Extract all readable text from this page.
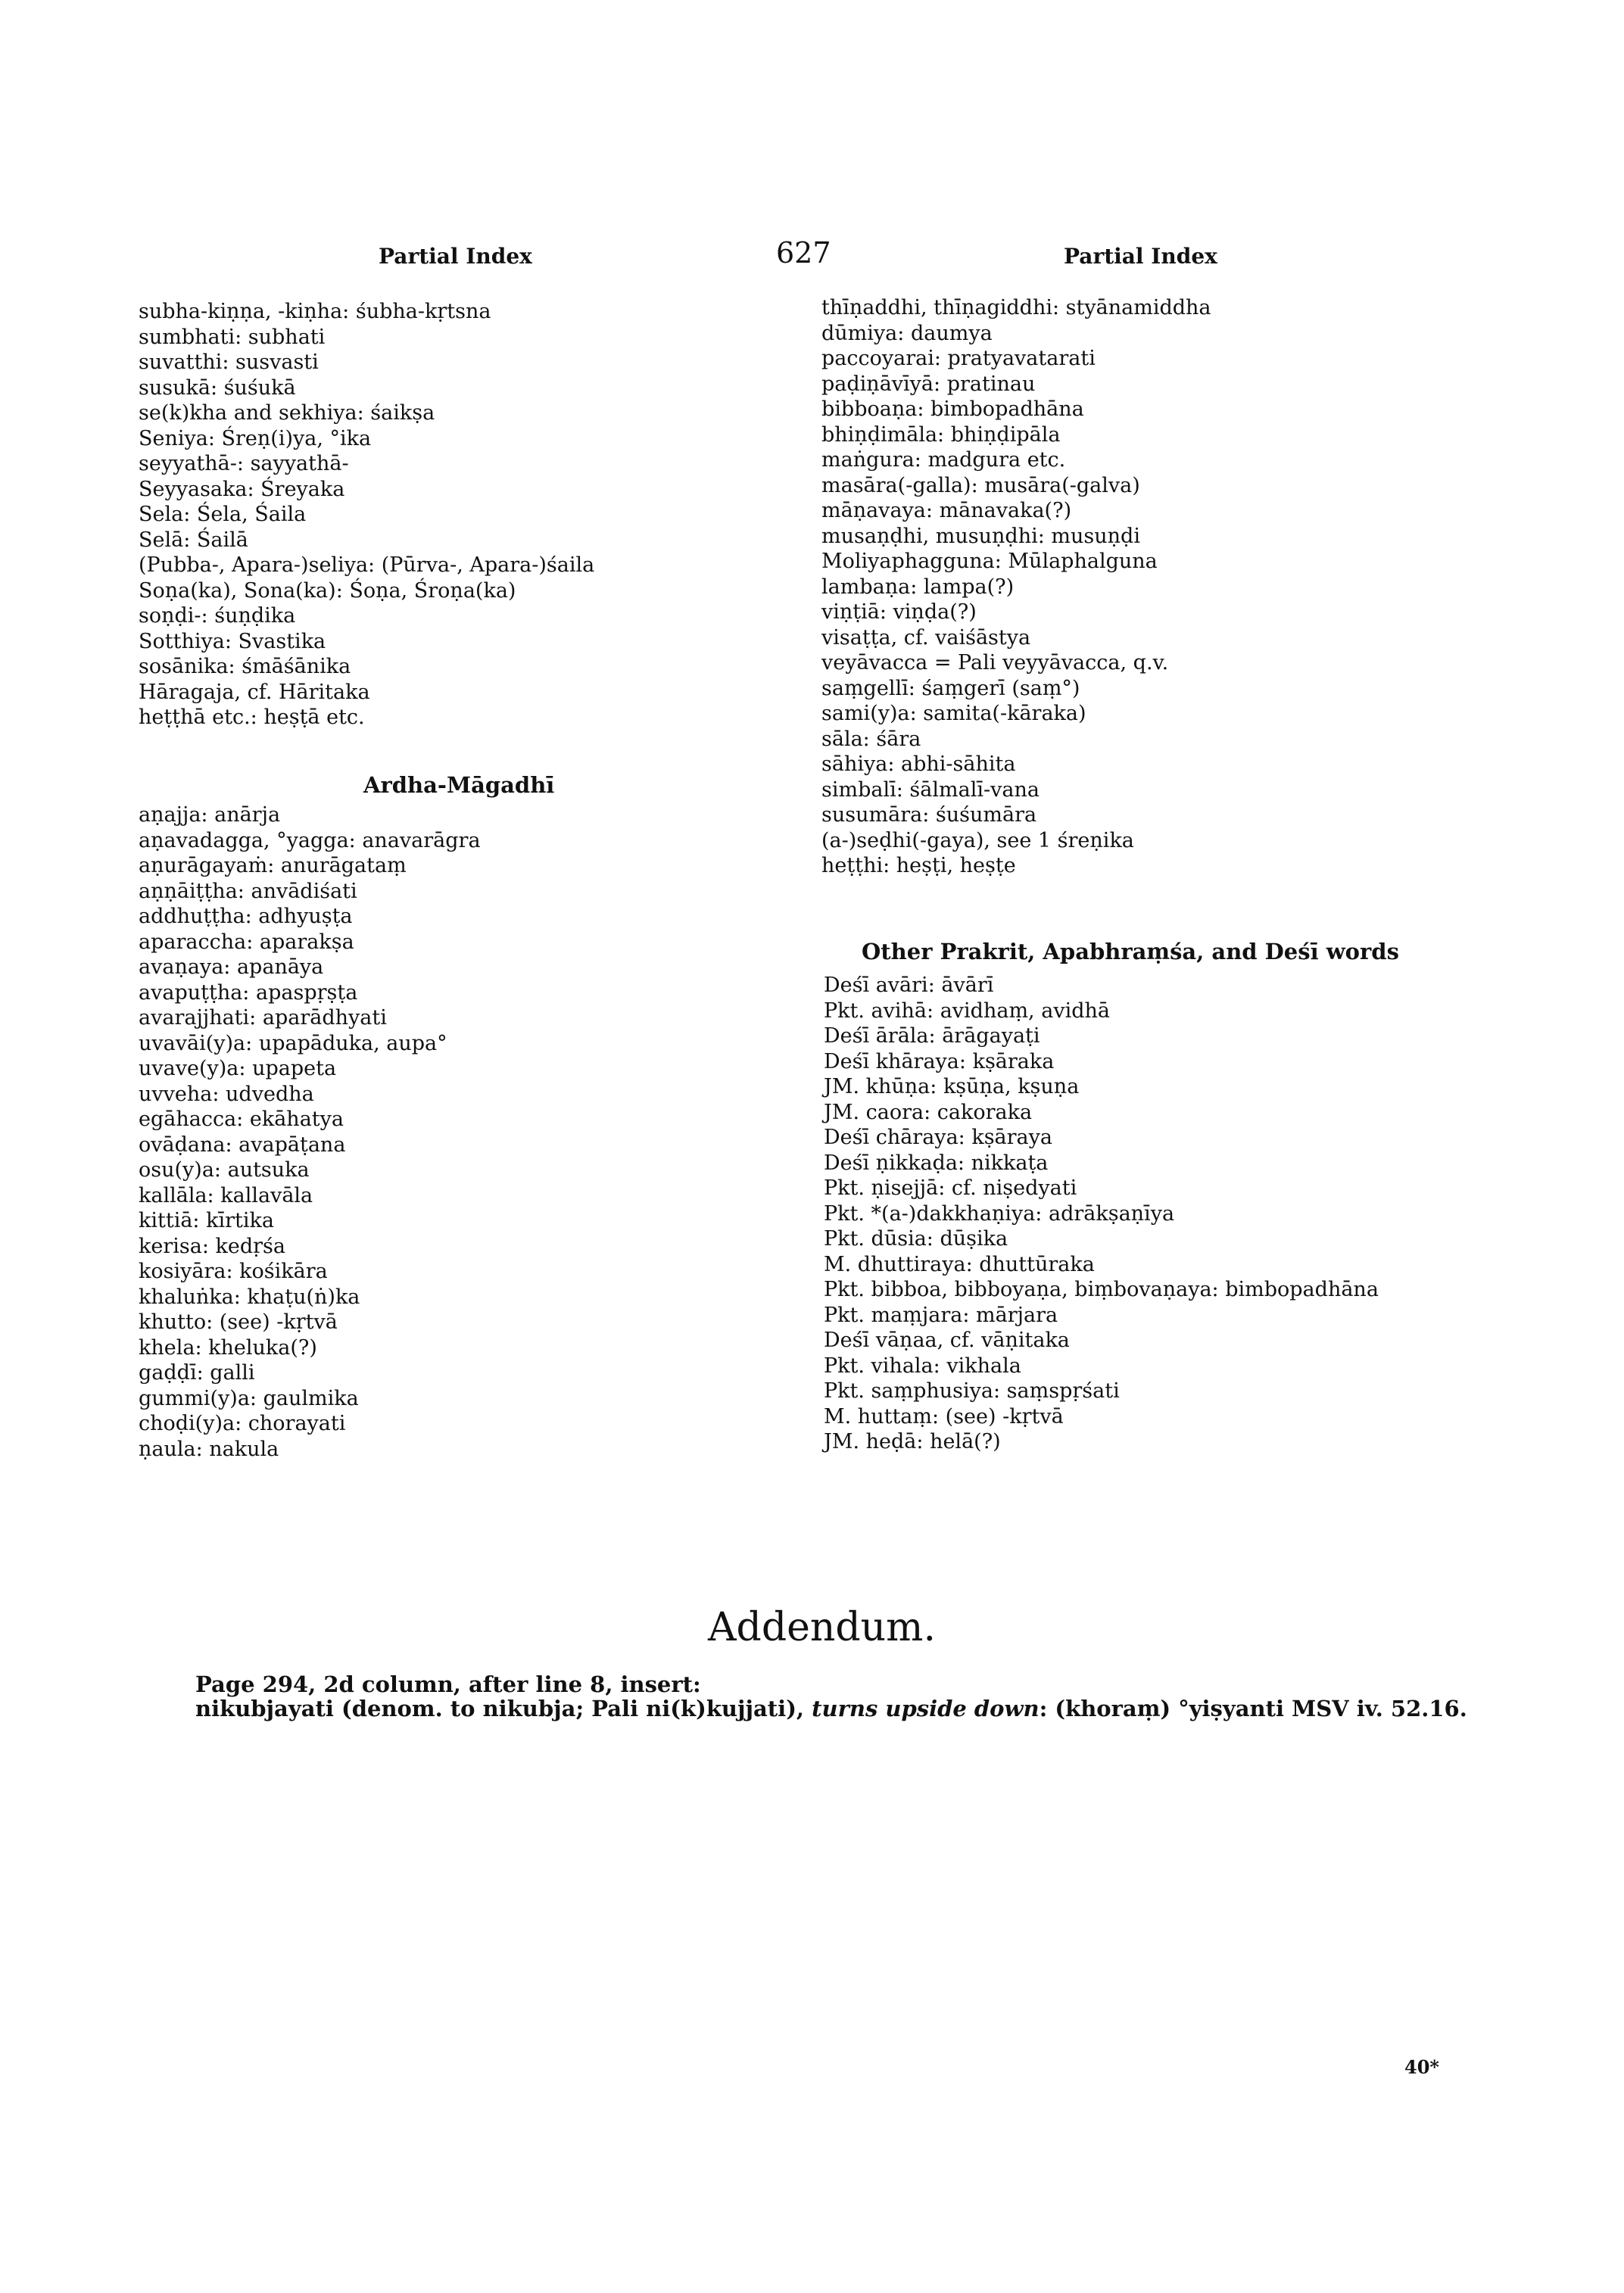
Partial Index	627	Partial Index
subha-kiṇṇa, -kiṇha: śubha-kṛtsna
sumbhati: subhati
suvatthi: susvasti
susukā: śuśukā
se(k)kha and sekhiya: śaikṣa
Seniya: Śreṇ(i)ya, °ika
seyyathā-: sayyathā-
Seyyasaka: Śreyaka
Sela: Śela, Śaila
Selā: Śailā
(Pubba-, Apara-)seliya: (Pūrva-, Apara-)śaila
Soṇa(ka), Sona(ka): Śoṇa, Śroṇa(ka)
soṇḍi-: śuṇḍika
Sotthiya: Svastika
sosānika: śmāśānika
Hāragaja, cf. Hāritaka
heṭṭhā etc.: heṣṭā etc.
Ardha-Māgadhī
aṇajja: anārja
aṇavadagga, °yagga: anavarāgra
aṇurāgayaṁ: anurāgataṃ
aṇṇāiṭṭha: anvādiśati
addhuṭṭha: adhyuṣṭa
aparaccha: aparakṣa
avaṇaya: apanāya
avapuṭṭha: apaspṛṣṭa
avarajjhati: aparādhyati
uvavāi(y)a: upapāduka, aupa°
uvave(y)a: upapeta
uvveha: udvedha
egāhacca: ekāhatya
ovāḍana: avapāṭana
osu(y)a: autsuka
kallāla: kallavāla
kittiā: kīrtika
kerisa: kedṛśa
kosiyāra: kośikāra
khaluṅka: khaṭu(ṅ)ka
khutto: (see) -kṛtvā
khela: kheluka(?)
gaḍḍī: galli
gummi(y)a: gaulmika
choḍi(y)a: chorayati
ṇaula: nakula
thīṇaddhi, thīṇagiddhi: styānamiddha
dūmiya: daumya
paccoyarai: pratyavatarati
paḍiṇāvīyā: pratinau
bibboaṇa: bimbopadhāna
bhiṇḍimāla: bhiṇḍipāla
maṅgura: madgura etc.
masāra(-galla): musāra(-galva)
māṇavaya: mānavaka(?)
musaṇḍhi, musuṇḍhi: musuṇḍi
Moliyaphagguna: Mūlaphalguna
lambaṇa: lampa(?)
viṇṭiā: viṇḍa(?)
visaṭṭa, cf. vaiśāstya
veyāvacca = Pali veyyāvacca, q.v.
saṃgellī: śaṃgerī (saṃ°)
sami(y)a: samita(-kāraka)
sāla: śāra
sāhiya: abhi-sāhita
simbalī: śālmalī-vana
susumāra: śuśumāra
(a-)seḍhi(-gaya), see 1 śreṇika
heṭṭhi: heṣṭi, heṣṭe
Other Prakrit, Apabhraṃśa, and Deśī words
Deśī avāri: āvārī
Pkt. avihā: avidhaṃ, avidhā
Deśī ārāla: ārāgayaṭi
Deśī khāraya: kṣāraka
JM. khūṇa: kṣūṇa, kṣuṇa
JM. caora: cakoraka
Deśī chāraya: kṣāraya
Deśī ṇikkaḍa: nikkaṭa
Pkt. ṇisejjā: cf. niṣedyati
Pkt. *(a-)dakkhaṇiya: adrākṣaṇīya
Pkt. dūsia: dūṣika
M. dhuttiraya: dhuttūraka
Pkt. bibboa, bibboyaṇa, biṃbovaṇaya: bimbopadhāna
Pkt. maṃjara: mārjara
Deśī vāṇaa, cf. vāṇitaka
Pkt. vihala: vikhala
Pkt. saṃphusiya: saṃspṛśati
M. huttaṃ: (see) -kṛtvā
JM. heḍā: helā(?)
Addendum.
Page 294, 2d column, after line 8, insert:
nikubjayati (denom. to nikubja; Pali ni(k)kujjati), turns upside down: (khoraṃ) °yiṣyanti MSV iv. 52.16.
40*
